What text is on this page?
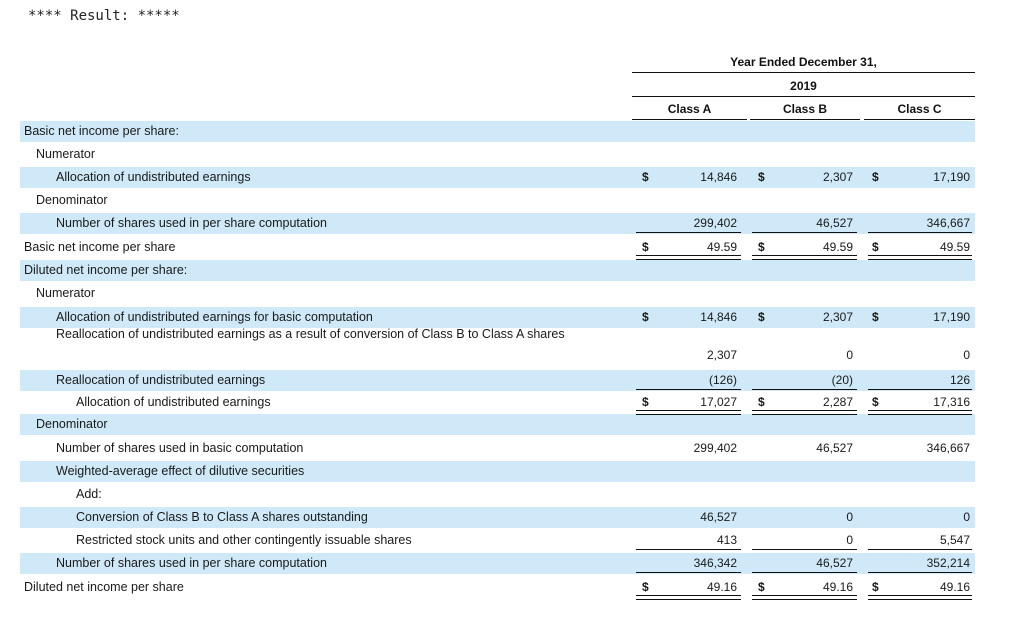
**** Result: *****
Year Ended December 31,
2019
Class A	Class B	Class C
Basic net income per share:
Numerator
Allocation of undistributed earnings	$	14,846 $	2,307 $	17,190
Denominator
Number of shares used in per share computation	299,402	46,527	346,667
Basic net income per share	$	49.59 $	49.59 $	49.59
Diluted net income per share:
Numerator
Allocation of undistributed earnings for basic computation	$	14,846 $	2,307 $	17,190
Reallocation of undistributed earnings as a result of conversion of Class B to Class A shares
2,307	0	0
Reallocation of undistributed earnings	(126)	(20)	126
Allocation of undistributed earnings	$	17,027 $	2,287 $	17,316
Denominator
Number of shares used in basic computation	299,402	46,527	346,667
Weighted-average effect of dilutive securities
Add:
Conversion of Class B to Class A shares outstanding	46,527	0	0
Restricted stock units and other contingently issuable shares	413	0	5,547
Number of shares used in per share computation	346,342	46,527	352,214
Diluted net income per share	$	49.16 $	49.16 $	49.16
